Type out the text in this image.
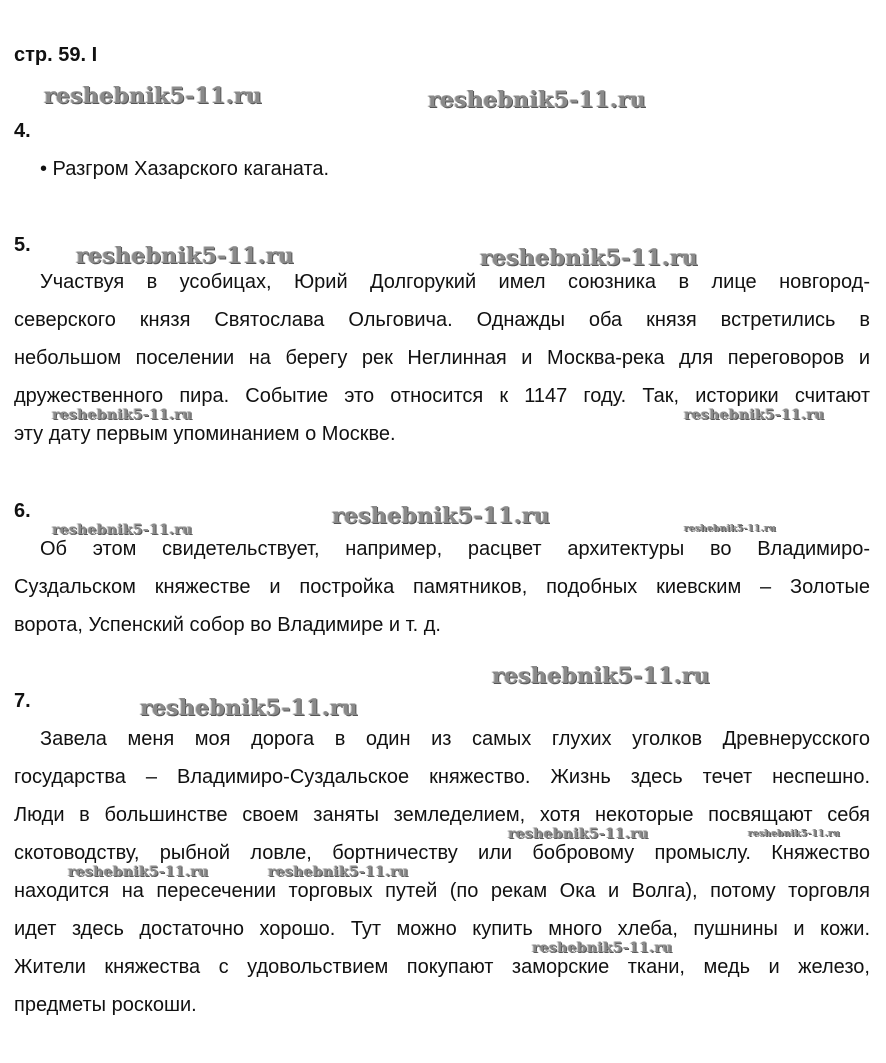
стр. 59. I
4.
• Разгром Хазарского каганата.
5.
Участвуя в усобицах, Юрий Долгорукий имел союзника в лице новгород-
северского князя Святослава Ольговича. Однажды оба князя встретились в
небольшом поселении на берегу рек Неглинная и Москва-река для переговоров и
дружественного пира. Событие это относится к 1147 году. Так, историки считают
эту дату первым упоминанием о Москве.
6.
Об этом свидетельствует, например, расцвет архитектуры во Владимиро-
Суздальском княжестве и постройка памятников, подобных киевским – Золотые
ворота, Успенский собор во Владимире и т. д.
7.
Завела меня моя дорога в один из самых глухих уголков Древнерусского
государства – Владимиро-Суздальское княжество. Жизнь здесь течет неспешно.
Люди в большинстве своем заняты земледелием, хотя некоторые посвящают себя
скотоводству, рыбной ловле, бортничеству или бобровому промыслу. Княжество
находится на пересечении торговых путей (по рекам Ока и Волга), потому торговля
идет здесь достаточно хорошо. Тут можно купить много хлеба, пушнины и кожи.
Жители княжества с удовольствием покупают заморские ткани, медь и железо,
предметы роскоши.
reshebnik5-11.ru	reshebnik5-11.ru
reshebnik5-11.ru	reshebnik5-11.ru
reshebnik5-11.ru	reshebnik5-11.ru
reshebnik5-11.ru
reshebnik5-11.ru	reshebnik5-11.ru
reshebnik5-11.ru
reshebnik5-11.ru
reshebnik5-11.ru	reshebnik5-11.ru
reshebnik5-11.ru	reshebnik5-11.ru
reshebnik5-11.ru
